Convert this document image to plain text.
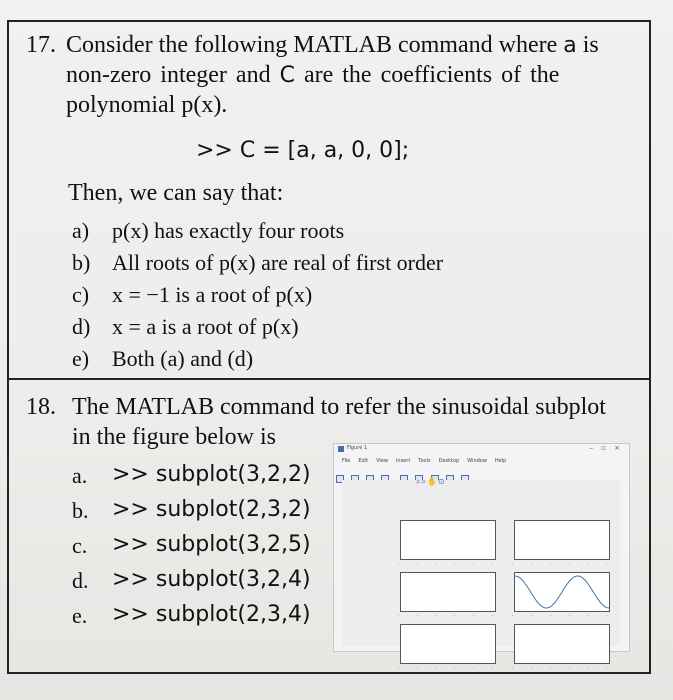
17. Consider the following MATLAB command where a is
non-zero integer and C are the coefficients of the
polynomial p(x).
>> C = [a, a, 0, 0];
Then, we can say that:
a) p(x) has exactly four roots
b) All roots of p(x) are real of first order
c) x = −1 is a root of p(x)
d) x = a is a root of p(x)
e) Both (a) and (d)
18. The MATLAB command to refer the sinusoidal subplot
in the figure below is
a. >> subplot(3,2,2)
b. >> subplot(2,3,2)
c. >> subplot(3,2,5)
d. >> subplot(3,2,4)
e. >> subplot(2,3,4)
Figure 1	– ▫ ×
File Edit View Insert Tools Desktop Window Help

⌕⌕✋⊙
·	·	·	·	·	·	·	·	·	·	·	·
·	·	·	·	·	·	·	·	·	·	·	·
·	·	·	·	·	·	·	·	·	·	·	·
